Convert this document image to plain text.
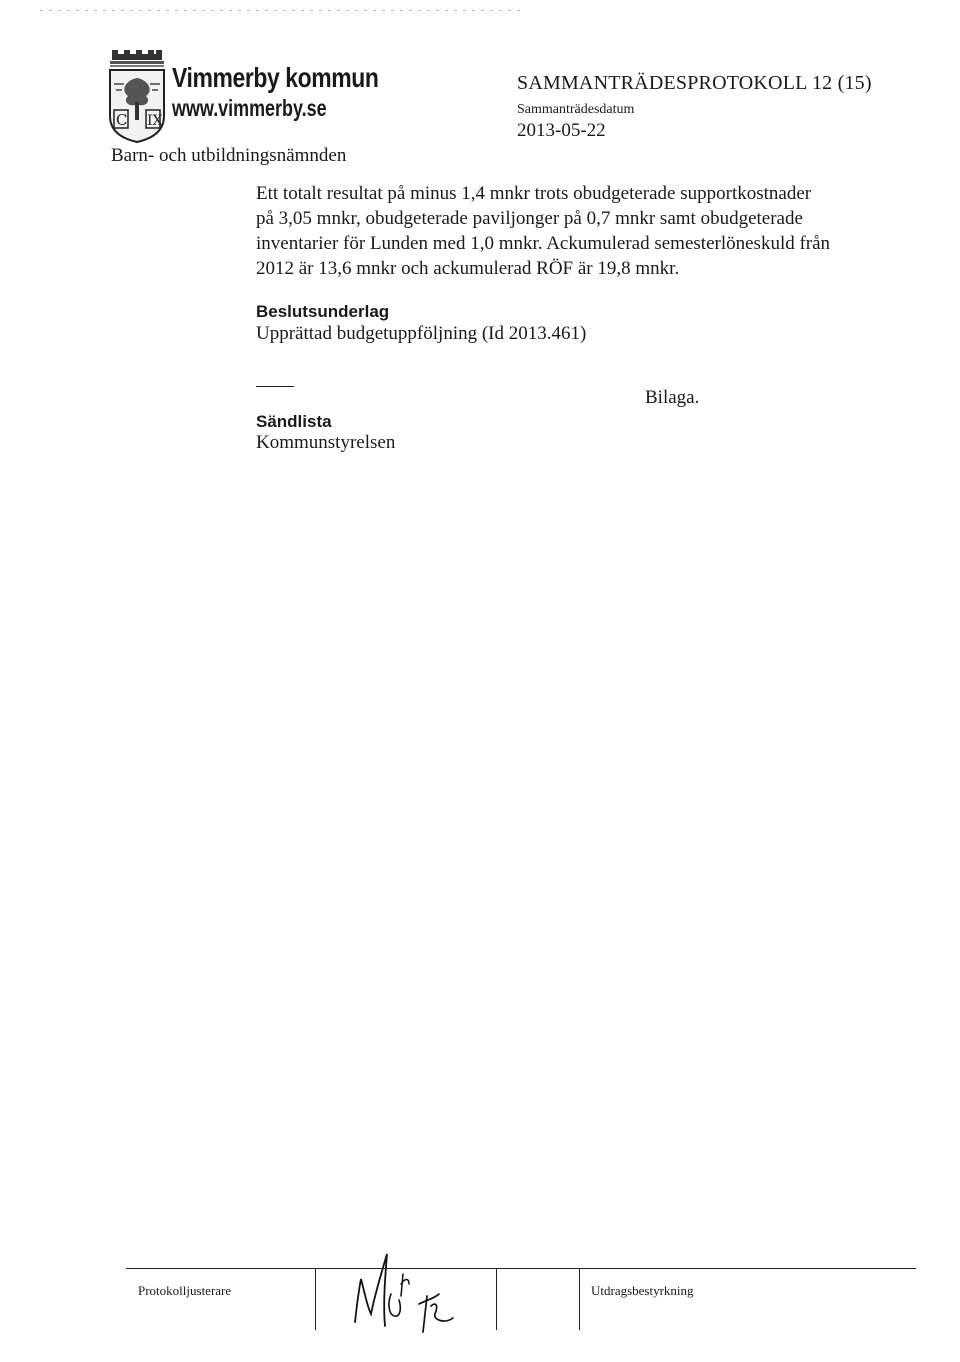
C IX
Vimmerby kommun
www.vimmerby.se
Barn- och utbildningsnämnden
SAMMANTRÄDESPROTOKOLL 12 (15)
Sammanträdesdatum
2013-05-22

Ett totalt resultat på minus 1,4 mnkr trots obudgeterade supportkostnader
på 3,05 mnkr, obudgeterade paviljonger på 0,7 mnkr samt obudgeterade
inventarier för Lunden med 1,0 mnkr. Ackumulerad semesterlöneskuld från
2012 är 13,6 mnkr och ackumulerad RÖF är 19,8 mnkr.

Beslutsunderlag
Upprättad budgetuppföljning (Id 2013.461)
Bilaga.
Sändlista
Kommunstyrelsen
Protokolljusterare	Utdragsbestyrkning
